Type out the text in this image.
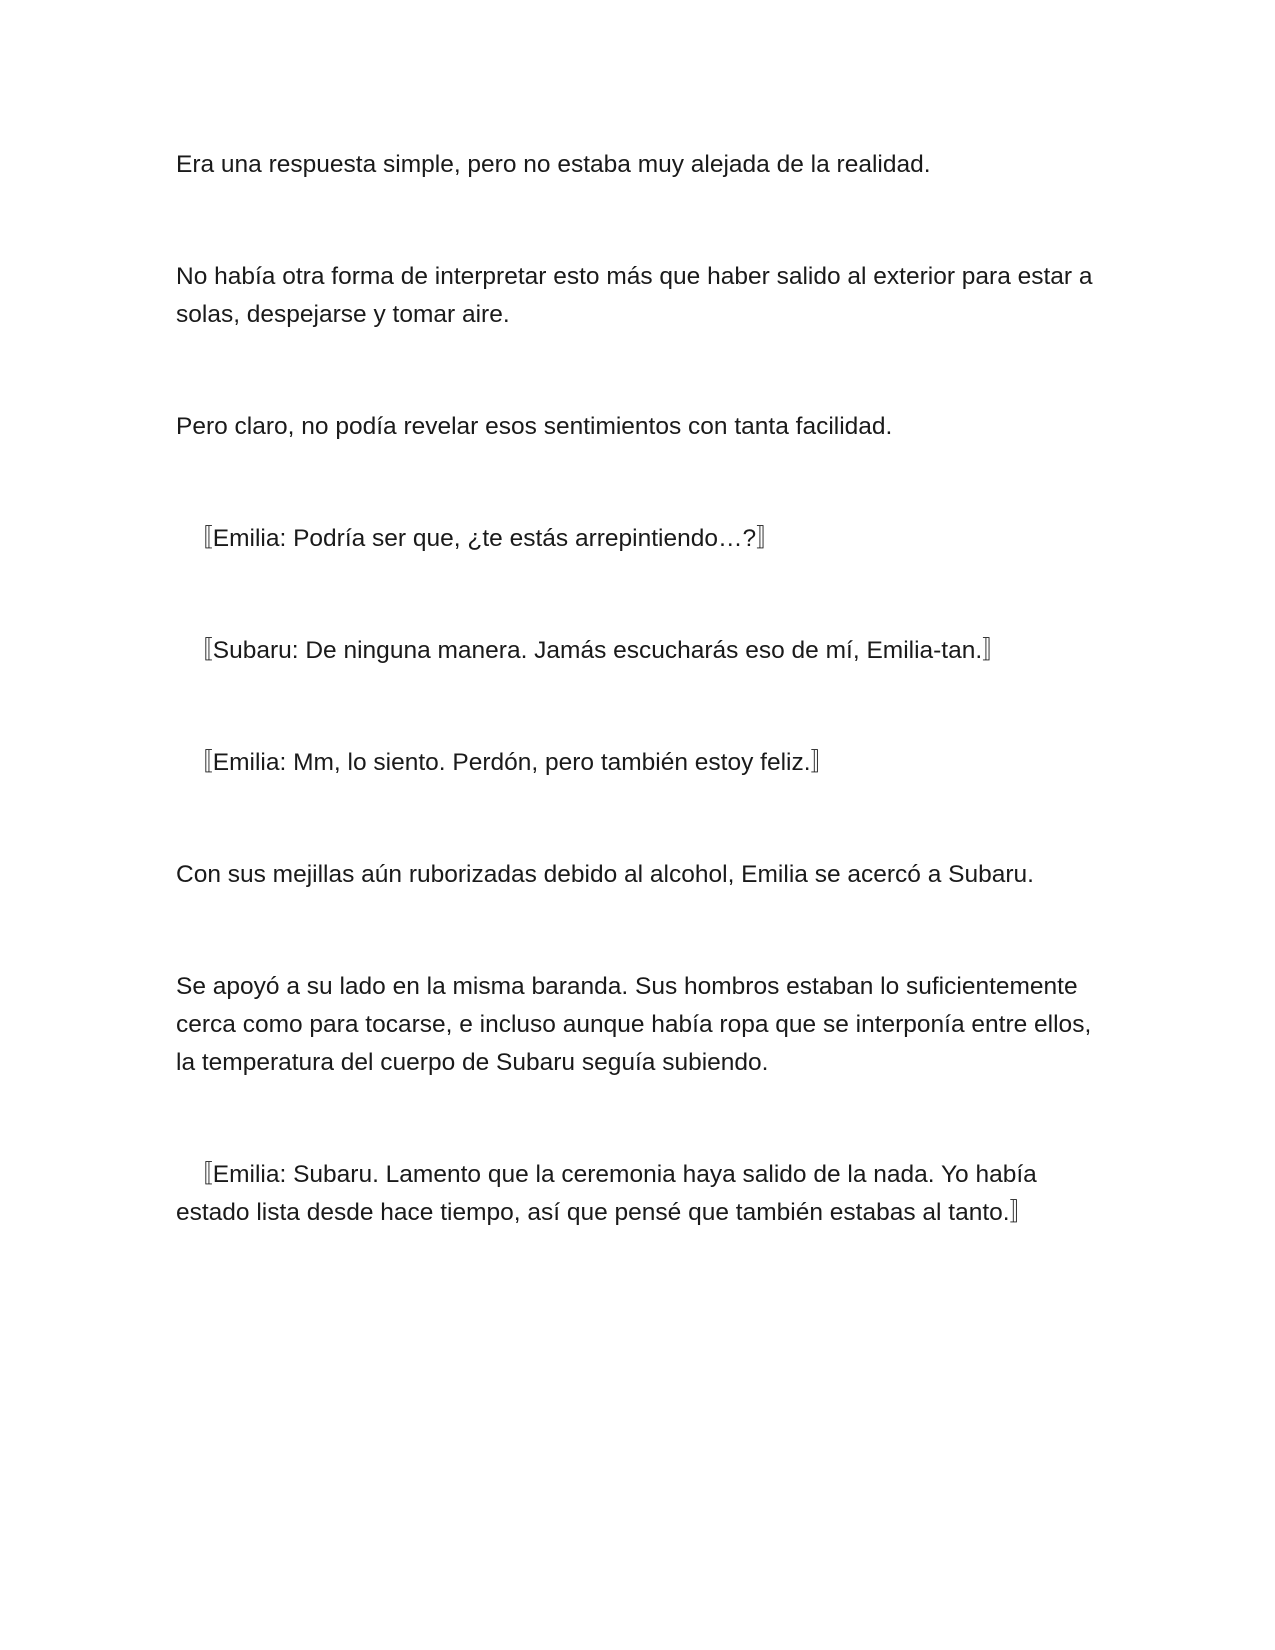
Era una respuesta simple, pero no estaba muy alejada de la realidad.

No había otra forma de interpretar esto más que haber salido al exterior para estar a solas, despejarse y tomar aire.

Pero claro, no podía revelar esos sentimientos con tanta facilidad.

　〚Emilia: Podría ser que, ¿te estás arrepintiendo…?〛

　〚Subaru: De ninguna manera. Jamás escucharás eso de mí, Emilia-tan.〛

　〚Emilia: Mm, lo siento. Perdón, pero también estoy feliz.〛

Con sus mejillas aún ruborizadas debido al alcohol, Emilia se acercó a Subaru.

Se apoyó a su lado en la misma baranda. Sus hombros estaban lo suficientemente cerca como para tocarse, e incluso aunque había ropa que se interponía entre ellos, la temperatura del cuerpo de Subaru seguía subiendo.

　〚Emilia: Subaru. Lamento que la ceremonia haya salido de la nada. Yo había estado lista desde hace tiempo, así que pensé que también estabas al tanto.〛
